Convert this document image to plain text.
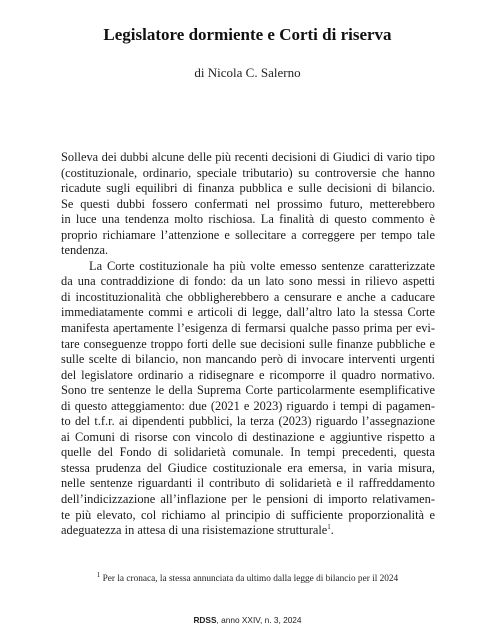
Legislatore dormiente e Corti di riserva
di Nicola C. Salerno
Solleva dei dubbi alcune delle più recenti decisioni di Giudici di vario tipo
(costituzionale, ordinario, speciale tributario) su controversie che hanno
ricadute sugli equilibri di finanza pubblica e sulle decisioni di bilancio.
Se questi dubbi fossero confermati nel prossimo futuro, metterebbero
in luce una tendenza molto rischiosa. La finalità di questo commento è
proprio richiamare l’attenzione e sollecitare a correggere per tempo tale
tendenza.
La Corte costituzionale ha più volte emesso sentenze caratterizzate
da una contraddizione di fondo: da un lato sono messi in rilievo aspetti
di incostituzionalità che obbligherebbero a censurare e anche a caducare
immediatamente commi e articoli di legge, dall’altro lato la stessa Corte
manifesta apertamente l’esigenza di fermarsi qualche passo prima per evi-
tare conseguenze troppo forti delle sue decisioni sulle finanze pubbliche e
sulle scelte di bilancio, non mancando però di invocare interventi urgenti
del legislatore ordinario a ridisegnare e ricomporre il quadro normativo.
Sono tre sentenze le della Suprema Corte particolarmente esemplificative
di questo atteggiamento: due (2021 e 2023) riguardo i tempi di pagamen-
to del t.f.r. ai dipendenti pubblici, la terza (2023) riguardo l’assegnazione
ai Comuni di risorse con vincolo di destinazione e aggiuntive rispetto a
quelle del Fondo di solidarietà comunale. In tempi precedenti, questa
stessa prudenza del Giudice costituzionale era emersa, in varia misura,
nelle sentenze riguardanti il contributo di solidarietà e il raffreddamento
dell’indicizzazione all’inflazione per le pensioni di importo relativamen-
te più elevato, col richiamo al principio di sufficiente proporzionalità e
adeguatezza in attesa di una risistemazione strutturale$^1$.
$^1$ Per la cronaca, la stessa annunciata da ultimo dalla legge di bilancio per il 2024
RDSS, anno XXIV, n. 3, 2024
